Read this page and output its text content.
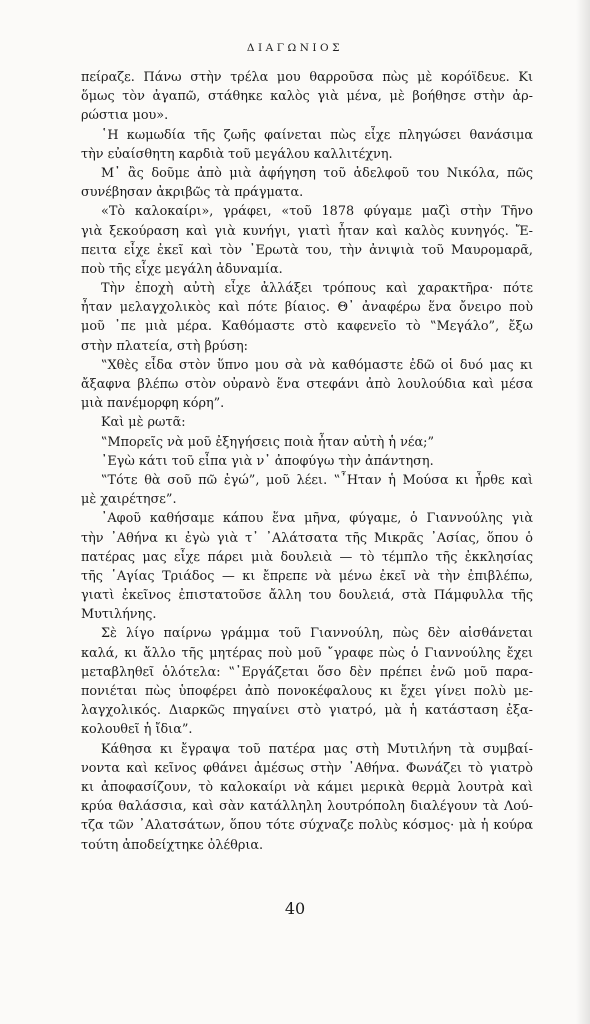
ΔΙΑΓΩΝΙΟΣ
πείραζε. Πάνω στὴν τρέλα μου θαρροῦσα πὼς μὲ κορόϊδευε. Κι
ὅμως τὸν ἀγαπῶ, στάθηκε καλὸς γιὰ μένα, μὲ βοήθησε στὴν ἀρ-
ρώστια μου».
῾Η κωμωδία τῆς ζωῆς φαίνεται πὼς εἶχε πληγώσει θανάσιμα
τὴν εὐαίσθητη καρδιὰ τοῦ μεγάλου καλλιτέχνη.
Μ᾿ ἂς δοῦμε ἀπὸ μιὰ ἀφήγηση τοῦ ἀδελφοῦ του Νικόλα, πῶς
συνέβησαν ἀκριβῶς τὰ πράγματα.
«Τὸ καλοκαίρι», γράφει, «τοῦ 1878 φύγαμε μαζὶ στὴν Τῆνο
γιὰ ξεκούραση καὶ γιὰ κυνήγι, γιατὶ ἦταν καὶ καλὸς κυνηγός. Ἔ-
πειτα εἶχε ἐκεῖ καὶ τὸν ᾿Ερωτὰ του, τὴν ἀνιψιὰ τοῦ Μαυρομαρᾶ,
ποὺ τῆς εἶχε μεγάλη ἀδυναμία.
Τὴν ἐποχὴ αὐτὴ εἶχε ἀλλάξει τρόπους καὶ χαρακτῆρα· πότε
ἦταν μελαγχολικὸς καὶ πότε βίαιος. Θ᾿ ἀναφέρω ἕνα ὄνειρο ποὺ
μοῦ ᾿πε μιὰ μέρα. Καθόμαστε στὸ καφενεῖο τὸ ‟Μεγάλο”, ἔξω
στὴν πλατεία, στὴ βρύση:
‟Χθὲς εἶδα στὸν ὕπνο μου σὰ νὰ καθόμαστε ἐδῶ οἱ δυό μας κι
ἄξαφνα βλέπω στὸν οὐρανὸ ἕνα στεφάνι ἀπὸ λουλούδια καὶ μέσα
μιὰ πανέμορφη κόρη”.
Καὶ μὲ ρωτᾶ:
‟Μπορεῖς νὰ μοῦ ἐξηγήσεις ποιὰ ἦταν αὐτὴ ἡ νέα;”
᾿Εγὼ κάτι τοῦ εἶπα γιὰ ν᾿ ἀποφύγω τὴν ἀπάντηση.
‟Τότε θὰ σοῦ πῶ ἐγώ”, μοῦ λέει. ‟῏Ηταν ἡ Μούσα κι ἦρθε καὶ
μὲ χαιρέτησε”.
᾿Αφοῦ καθήσαμε κάπου ἕνα μῆνα, φύγαμε, ὁ Γιαννούλης γιὰ
τὴν ᾿Αθήνα κι ἐγὼ γιὰ τ᾿ ᾿Αλάτσατα τῆς Μικρᾶς ᾿Ασίας, ὅπου ὁ
πατέρας μας εἶχε πάρει μιὰ δουλειὰ — τὸ τέμπλο τῆς ἐκκλησίας
τῆς ῾Αγίας Τριάδος — κι ἔπρεπε νὰ μένω ἐκεῖ νὰ τὴν ἐπιβλέπω,
γιατὶ ἐκεῖνος ἐπιστατοῦσε ἄλλη του δουλειά, στὰ Πάμφυλλα τῆς
Μυτιλήνης.
Σὲ λίγο παίρνω γράμμα τοῦ Γιαννούλη, πὼς δὲν αἰσθάνεται
καλά, κι ἄλλο τῆς μητέρας ποὺ μοῦ ῎γραφε πὼς ὁ Γιαννούλης ἔχει
μεταβληθεῖ ὁλότελα: ‟᾿Εργάζεται ὅσο δὲν πρέπει ἐνῶ μοῦ παρα-
πονιέται πὼς ὑποφέρει ἀπὸ πονοκέφαλους κι ἔχει γίνει πολὺ με-
λαγχολικός. Διαρκῶς πηγαίνει στὸ γιατρό, μὰ ἡ κατάσταση ἐξα-
κολουθεῖ ἡ ἴδια”.
Κάθησα κι ἔγραψα τοῦ πατέρα μας στὴ Μυτιλήνη τὰ συμβαί-
νοντα καὶ κεῖνος φθάνει ἀμέσως στὴν ᾿Αθήνα. Φωνάζει τὸ γιατρὸ
κι ἀποφασίζουν, τὸ καλοκαίρι νὰ κάμει μερικὰ θερμὰ λουτρὰ καὶ
κρύα θαλάσσια, καὶ σὰν κατάλληλη λουτρόπολη διαλέγουν τὰ Λού-
τζα τῶν ᾿Αλατσάτων, ὅπου τότε σύχναζε πολὺς κόσμος· μὰ ἡ κούρα
τούτη ἀποδείχτηκε ὀλέθρια.
40
